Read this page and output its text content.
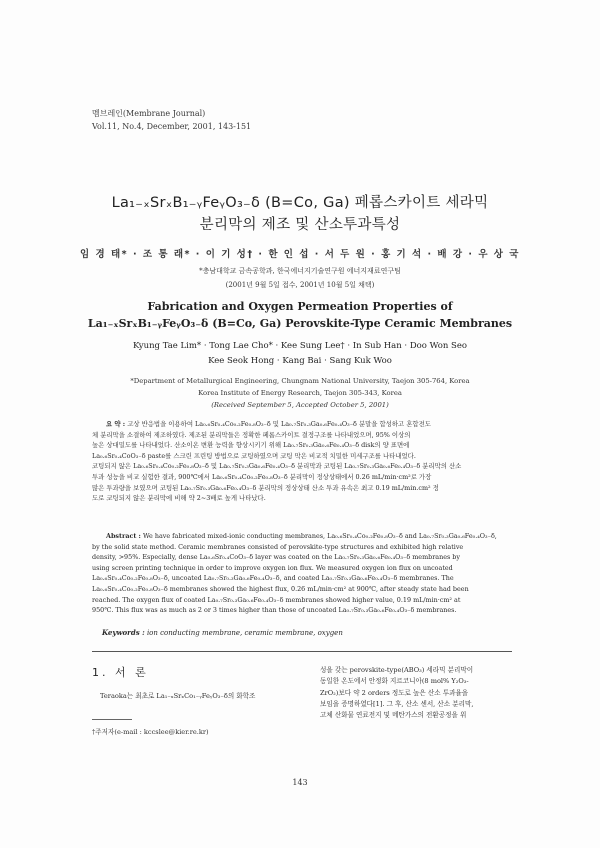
멤브레인(Membrane Journal)
Vol.11, No.4, December, 2001, 143-151
La₁₋ₓSrₓB₁₋ᵧFeᵧO₃₋δ (B=Co, Ga) 페롭스카이트 세라믹
분리막의 제조 및 산소투과특성
임 경 태* · 조 통 래* · 이 기 성† · 한 인 섭 · 서 두 원 · 홍 기 석 · 배 강 · 우 상 국
*충남대학교 금속공학과, 한국에너지기술연구원 에너지재료연구팀
(2001년 9월 5일 접수, 2001년 10월 5일 채택)
Fabrication and Oxygen Permeation Properties of
La₁₋ₓSrₓB₁₋ᵧFeᵧO₃₋δ (B=Co, Ga) Perovskite-Type Ceramic Membranes
Kyung Tae Lim* · Tong Lae Cho* · Kee Sung Lee† · In Sub Han · Doo Won Seo
Kee Seok Hong · Kang Bai · Sang Kuk Woo
*Department of Metallurgical Engineering, Chungnam National University, Taejon 305-764, Korea
Korea Institute of Energy Research, Taejon 305-343, Korea
(Received September 5, Accepted October 5, 2001)
요 약 : 고상 반응법을 이용하여 La₀.₆Sr₀.₄Co₀.₂Fe₀.₈O₃₋δ 및 La₀.₇Sr₀.₃Ga₀.₆Fe₀.₄O₃₋δ 분말을 합성하고 혼합전도
체 분리막을 소결하여 제조하였다. 제조된 분리막들은 정확한 페롭스카이트 결정구조를 나타내었으며, 95% 이상의
높은 상대밀도를 나타내었다. 산소이온 변환 능력을 향상시키기 위해 La₀.₇Sr₀.₃Ga₀.₆Fe₀.₄O₃₋δ disk의 양 표면에
La₀.₆Sr₀.₄CoO₃₋δ paste를 스크린 프린팅 방법으로 코팅하였으며 코팅 막은 비교적 치밀한 미세구조를 나타내었다.
코팅되지 않은 La₀.₆Sr₀.₄Co₀.₂Fe₀.₈O₃₋δ 및 La₀.₇Sr₀.₃Ga₀.₆Fe₀.₄O₃₋δ 분리막과 코팅된 La₀.₇Sr₀.₃Ga₀.₆Fe₀.₄O₃₋δ 분리막의 산소
투과 성능을 비교 실험한 결과, 900℃에서 La₀.₆Sr₀.₄Co₀.₂Fe₀.₈O₃₋δ 분리막이 정상상태에서 0.26 mL/min·cm²로 가장
많은 투과량을 보였으며 코팅된 La₀.₇Sr₀.₃Ga₀.₆Fe₀.₄O₃₋δ 분리막의 정상상태 산소 투과 유속은 최고 0.19 mL/min.cm² 정
도로 코팅되지 않은 분리막에 비해 약 2~3배로 높게 나타났다.
Abstract : We have fabricated mixed-ionic conducting membranes, La₀.₆Sr₀.₄Co₀.₂Fe₀.₈O₃₋δ and La₀.₇Sr₀.₃Ga₀.₆Fe₀.₄O₃₋δ,
by the solid state method. Ceramic membranes consisted of perovskite-type structures and exhibited high relative
density, >95%. Especially, dense La₀.₆Sr₀.₄CoO₃₋δ layer was coated on the La₀.₇Sr₀.₃Ga₀.₆Fe₀.₄O₃₋δ membranes by
using screen printing technique in order to improve oxygen ion flux. We measured oxygen ion flux on uncoated
La₀.₆Sr₀.₄Co₀.₂Fe₀.₈O₃₋δ, uncoated La₀.₇Sr₀.₃Ga₀.₆Fe₀.₄O₃₋δ, and coated La₀.₇Sr₀.₃Ga₀.₆Fe₀.₄O₃₋δ membranes. The
La₀.₆Sr₀.₄Co₀.₂Fe₀.₈O₃₋δ membranes showed the highest flux, 0.26 mL/min·cm² at 900℃, after steady state had been
reached. The oxygen flux of coated La₀.₇Sr₀.₃Ga₀.₆Fe₀.₄O₃₋δ membranes showed higher value, 0.19 mL/min·cm² at
950℃. This flux was as much as 2 or 3 times higher than those of uncoated La₀.₇Sr₀.₃Ga₀.₆Fe₀.₄O₃₋δ membranes.
Keywords : ion conducting membrane, ceramic membrane, oxygen
1. 서 론
Teraoka는 최초로 La₁₋ₓSrₓCo₁₋ᵧFeᵧO₃₋δ의 화학조
성을 갖는 perovskite-type(ABO₃) 세라믹 분리막이
동일한 온도에서 안정화 지르코니아(8 mol% Y₂O₃-
ZrO₂)보다 약 2 orders 정도로 높은 산소 투과율을
보임을 증명하였다[1]. 그 후, 산소 센서, 산소 분리막,
고체 산화물 연료전지 및 메탄가스의 전환공정을 위
†주저자(e-mail : kccslee@kier.re.kr)
143
